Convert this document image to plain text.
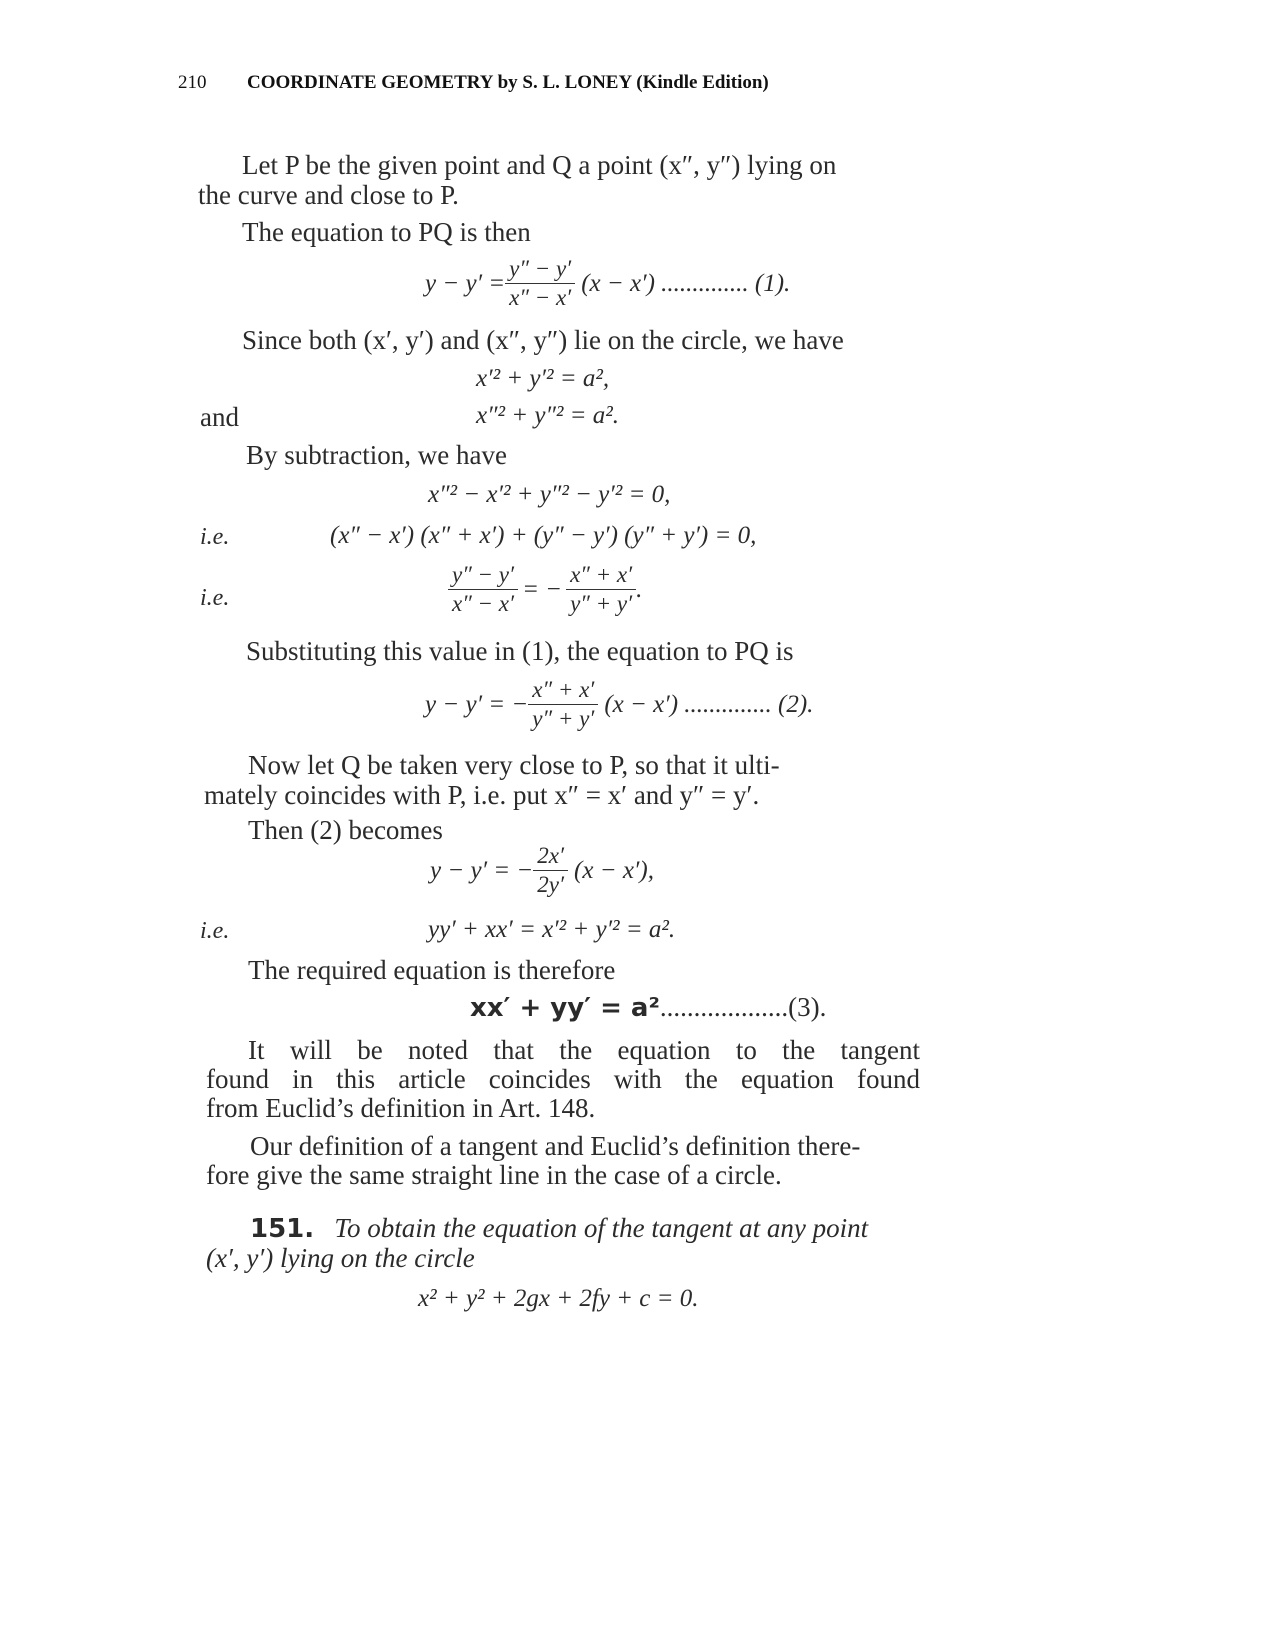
210 COORDINATE GEOMETRY by S. L. LONEY (Kindle Edition)
Let P be the given point and Q a point (x″, y″) lying on
the curve and close to P.
The equation to PQ is then
$y - y' = \frac{y'' - y'}{x'' - x'} (x - x')$ .............. (1).
Since both (x′, y′) and (x″, y″) lie on the circle, we have
x′² + y′² = a²,
and	x″² + y″² = a².
By subtraction, we have
x″² − x′² + y″² − y′² = 0,
i.e.	(x″ − x′) (x″ + x′) + (y″ − y′) (y″ + y′) = 0,
i.e.	$\frac{y'' - y'}{x'' - x'}$ = − $\frac{x'' + x'}{y'' + y'}$ .
Substituting this value in (1), the equation to PQ is
y − y′ = − $\frac{x'' + x'}{y'' + y'} (x - x')$ .............. (2).
Now let Q be taken very close to P, so that it ulti-
mately coincides with P, i.e. put x″ = x′ and y″ = y′.
Then (2) becomes
y − y′ = − $\frac{2x'}{2y'} (x - x')$,
i.e.	yy′ + xx′ = x′² + y′² = a².
The required equation is therefore
xx′ + yy′ = a²...................(3).
It will be noted that the equation to the tangent
found in this article coincides with the equation found
from Euclid’s definition in Art. 148.
Our definition of a tangent and Euclid’s definition there-
fore give the same straight line in the case of a circle.
151. To obtain the equation of the tangent at any point
(x′, y′) lying on the circle
x² + y² + 2gx + 2fy + c = 0.
